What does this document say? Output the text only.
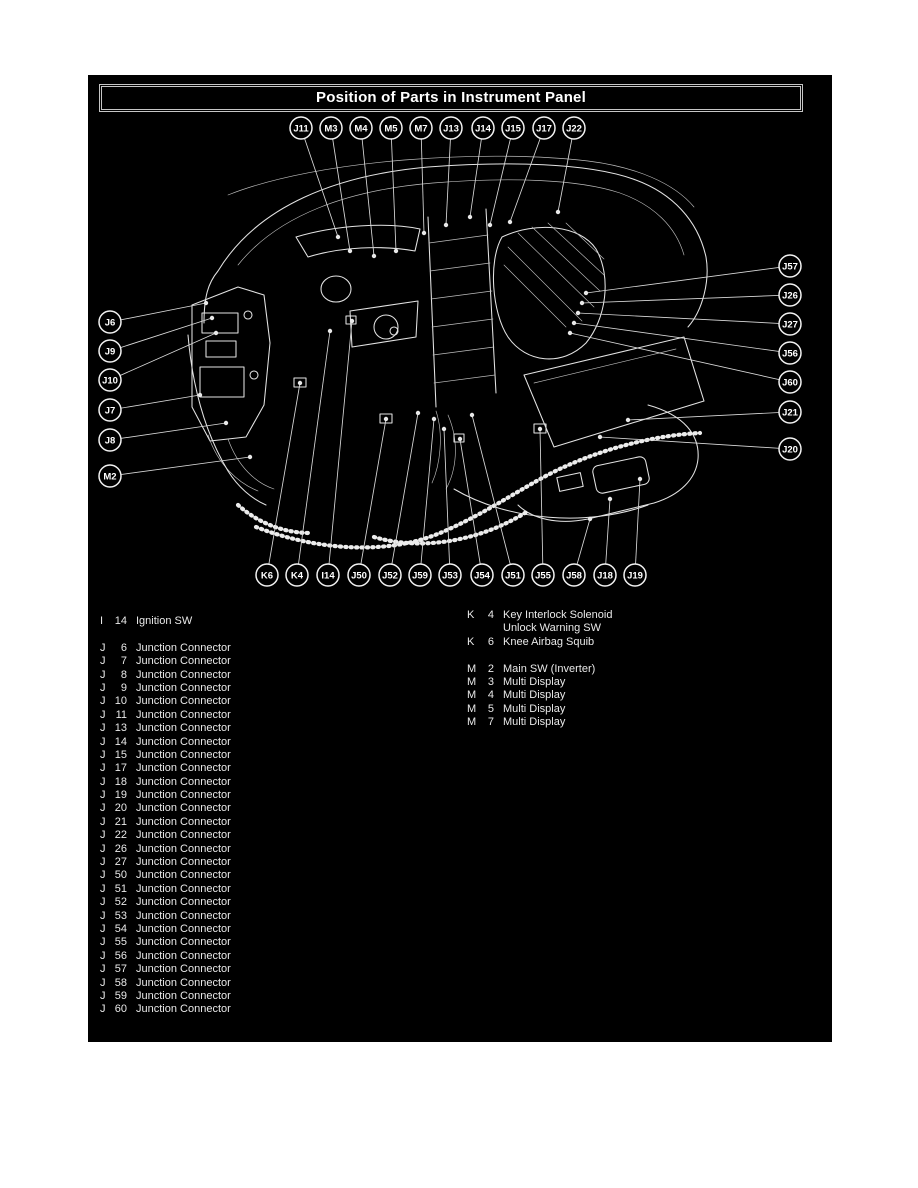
Position of Parts in Instrument Panel
J11 M3 M4 M5 M7 J13 J14 J15 J17 J22
J57
J26
J27
J56
J60
J21
J20
J6
J9
J10
J7
J8
M2
K6 K4 I14 J50 J52 J59 J53 J54 J51 J55 J58 J18 J19
I	14 Ignition SW
J	6 Junction Connector
J	7 Junction Connector
J	8 Junction Connector
J	9 Junction Connector
J 10 Junction Connector
J 11 Junction Connector
J 13 Junction Connector
J 14 Junction Connector
J 15 Junction Connector
J 17 Junction Connector
J 18 Junction Connector
J 19 Junction Connector
J 20 Junction Connector
J 21 Junction Connector
J 22 Junction Connector
J 26 Junction Connector
J 27 Junction Connector
J 50 Junction Connector
J 51 Junction Connector
J 52 Junction Connector
J 53 Junction Connector
J 54 Junction Connector
J 55 Junction Connector
J 56 Junction Connector
J 57 Junction Connector
J 58 Junction Connector
J 59 Junction Connector
J 60 Junction Connector
K	4 Key Interlock Solenoid
Unlock Warning SW
K	6 Knee Airbag Squib
M	2 Main SW (Inverter)
M	3 Multi Display
M	4 Multi Display
M	5 Multi Display
M	7 Multi Display
